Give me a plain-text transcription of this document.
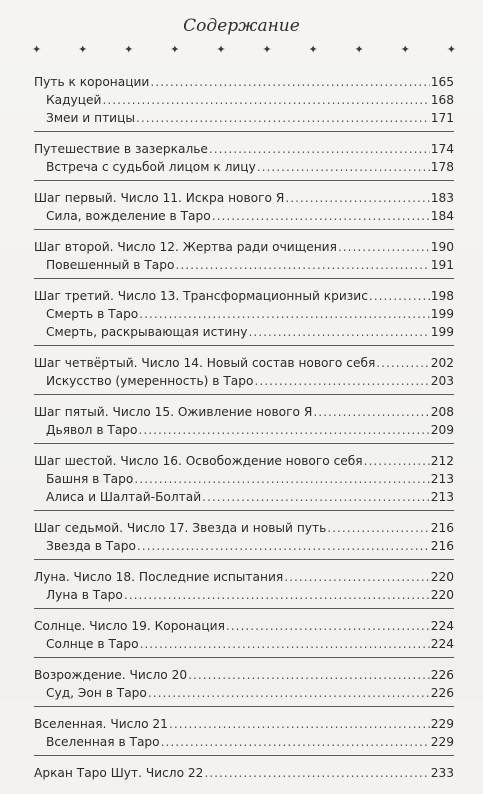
Содержание
✦	✦	✦	✦	✦	✦	✦	✦	✦	✦
Путь к коронации .....	165
Кадуцей .....	168
Змеи и птицы .....	171
Путешествие в зазеркалье .....	174
Встреча с судьбой лицом к лицу .....	178
Шаг первый. Число 11. Искра нового Я .....	183
Сила, вожделение в Таро .....	184
Шаг второй. Число 12. Жертва ради очищения .....	190
Повешенный в Таро .....	191
Шаг третий. Число 13. Трансформационный кризис .....	198
Смерть в Таро .....	199
Смерть, раскрывающая истину .....	199
Шаг четвёртый. Число 14. Новый состав нового себя .....	202
Искусство (умеренность) в Таро .....	203
Шаг пятый. Число 15. Оживление нового Я .....	208
Дьявол в Таро .....	209
Шаг шестой. Число 16. Освобождение нового себя .....	212
Башня в Таро .....	213
Алиса и Шалтай-Болтай .....	213
Шаг седьмой. Число 17. Звезда и новый путь .....	216
Звезда в Таро .....	216
Луна. Число 18. Последние испытания .....	220
Луна в Таро .....	220
Солнце. Число 19. Коронация .....	224
Солнце в Таро .....	224
Возрождение. Число 20 .....	226
Суд, Эон в Таро .....	226
Вселенная. Число 21 .....	229
Вселенная в Таро .....	229
Аркан Таро Шут. Число 22 .....	233
